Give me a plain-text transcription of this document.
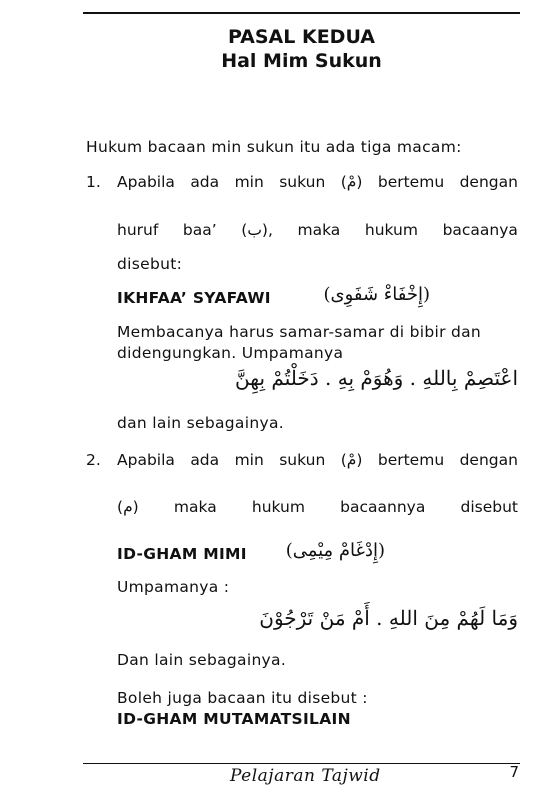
PASAL KEDUA
Hal Mim Sukun
Hukum bacaan min sukun itu ada tiga macam:
1. Apabila ada min sukun (مْ) bertemu dengan
huruf baa’ (ب), maka hukum bacaanya
disebut:
IKHFAA’ SYAFAWI	(إِخْفَاءْ شَفَوِى)
Membacanya harus samar-samar di bibir dan
didengungkan. Umpamanya
اعْتَصِمْ بِاللهِ . وَهُوَمْ بِهِ . دَخَلْتُمْ بِهِنَّ
dan lain sebagainya.
2. Apabila ada min sukun (مْ) bertemu dengan
(م) maka hukum bacaannya disebut
ID-GHAM MIMI	(إِدْغَامْ مِيْمِى)
Umpamanya :
وَمَا لَهُمْ مِنَ اللهِ . أَمْ مَنْ تَرْجُوْنَ
Dan lain sebagainya.
Boleh juga bacaan itu disebut :
ID-GHAM MUTAMATSILAIN
Pelajaran Tajwid	7
